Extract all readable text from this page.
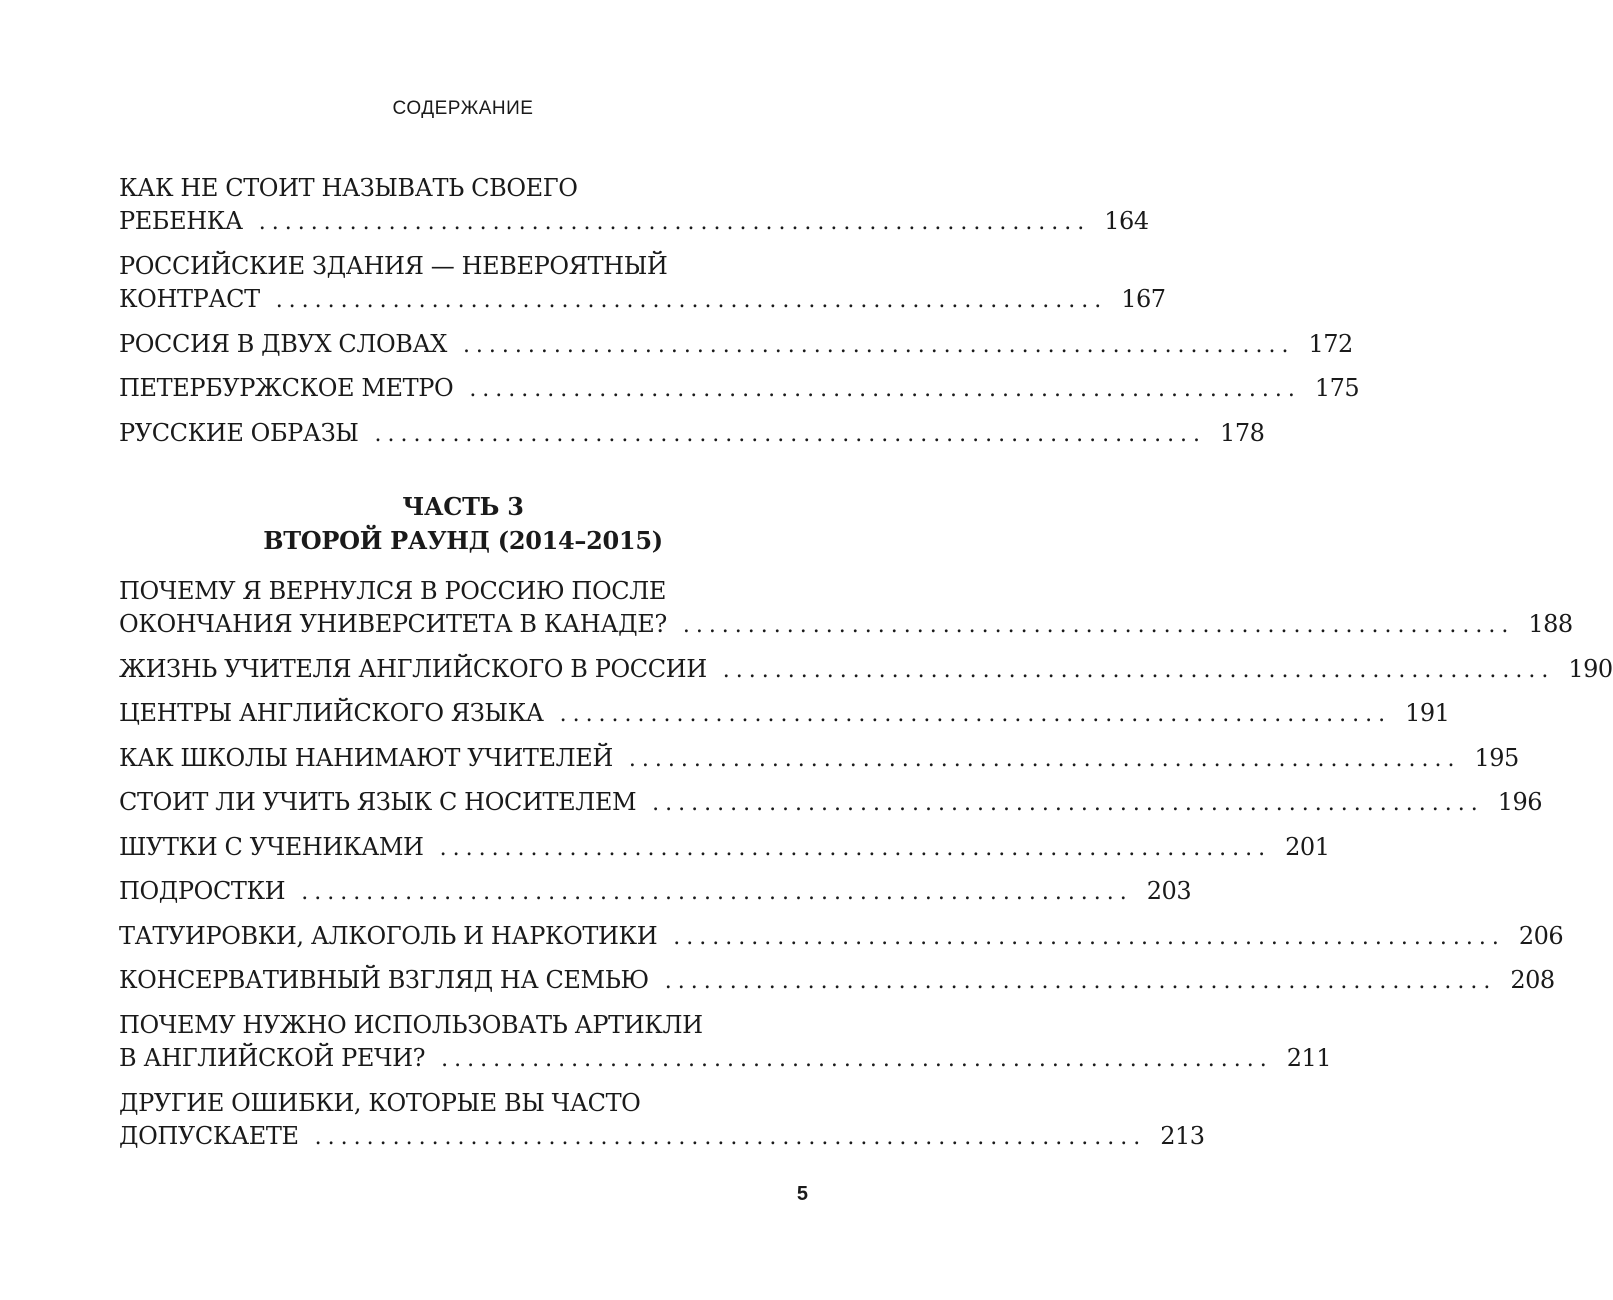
СОДЕРЖАНИЕ
КАК НЕ СТОИТ НАЗЫВАТЬ СВОЕГО
РЕБЕНКА ................................................................ 164
РОССИЙСКИЕ ЗДАНИЯ — НЕВЕРОЯТНЫЙ
КОНТРАСТ ................................................................ 167
РОССИЯ В ДВУХ СЛОВАХ ................................................................ 172
ПЕТЕРБУРЖСКОЕ МЕТРО ................................................................ 175
РУССКИЕ ОБРАЗЫ ................................................................ 178
ЧАСТЬ 3
ВТОРОЙ РАУНД (2014–2015)
ПОЧЕМУ Я ВЕРНУЛСЯ В РОССИЮ ПОСЛЕ
ОКОНЧАНИЯ УНИВЕРСИТЕТА В КАНАДЕ? ................................................................ 188
ЖИЗНЬ УЧИТЕЛЯ АНГЛИЙСКОГО В РОССИИ ................................................................ 190
ЦЕНТРЫ АНГЛИЙСКОГО ЯЗЫКА ................................................................ 191
КАК ШКОЛЫ НАНИМАЮТ УЧИТЕЛЕЙ ................................................................ 195
СТОИТ ЛИ УЧИТЬ ЯЗЫК С НОСИТЕЛЕМ ................................................................ 196
ШУТКИ С УЧЕНИКАМИ ................................................................ 201
ПОДРОСТКИ ................................................................ 203
ТАТУИРОВКИ, АЛКОГОЛЬ И НАРКОТИКИ ................................................................ 206
КОНСЕРВАТИВНЫЙ ВЗГЛЯД НА СЕМЬЮ ................................................................ 208
ПОЧЕМУ НУЖНО ИСПОЛЬЗОВАТЬ АРТИКЛИ
В АНГЛИЙСКОЙ РЕЧИ? ................................................................ 211
ДРУГИЕ ОШИБКИ, КОТОРЫЕ ВЫ ЧАСТО
ДОПУСКАЕТЕ ................................................................ 213
5
